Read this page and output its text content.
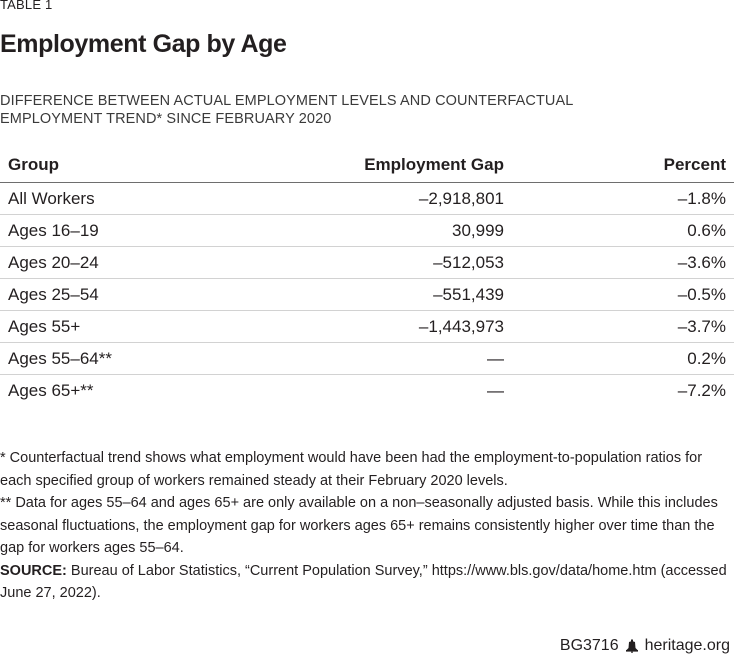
TABLE 1
Employment Gap by Age

DIFFERENCE BETWEEN ACTUAL EMPLOYMENT LEVELS AND COUNTERFACTUAL EMPLOYMENT TREND* SINCE FEBRUARY 2020

Group	Employment Gap	Percent
All Workers	–2,918,801	–1.8%
Ages 16–19	30,999	0.6%
Ages 20–24	–512,053	–3.6%
Ages 25–54	–551,439	–0.5%
Ages 55+	–1,443,973	–3.7%
Ages 55–64**	—	0.2%
Ages 65+**	—	–7.2%

* Counterfactual trend shows what employment would have been had the employment-to-population ratios for each specified group of workers remained steady at their February 2020 levels.

** Data for ages 55–64 and ages 65+ are only available on a non–seasonally adjusted basis. While this includes seasonal fluctuations, the employment gap for workers ages 65+ remains consistently higher over time than the gap for workers ages 55–64.

SOURCE: Bureau of Labor Statistics, “Current Population Survey,” https://www.bls.gov/data/home.htm (accessed June 27, 2022).

BG3716 heritage.org
